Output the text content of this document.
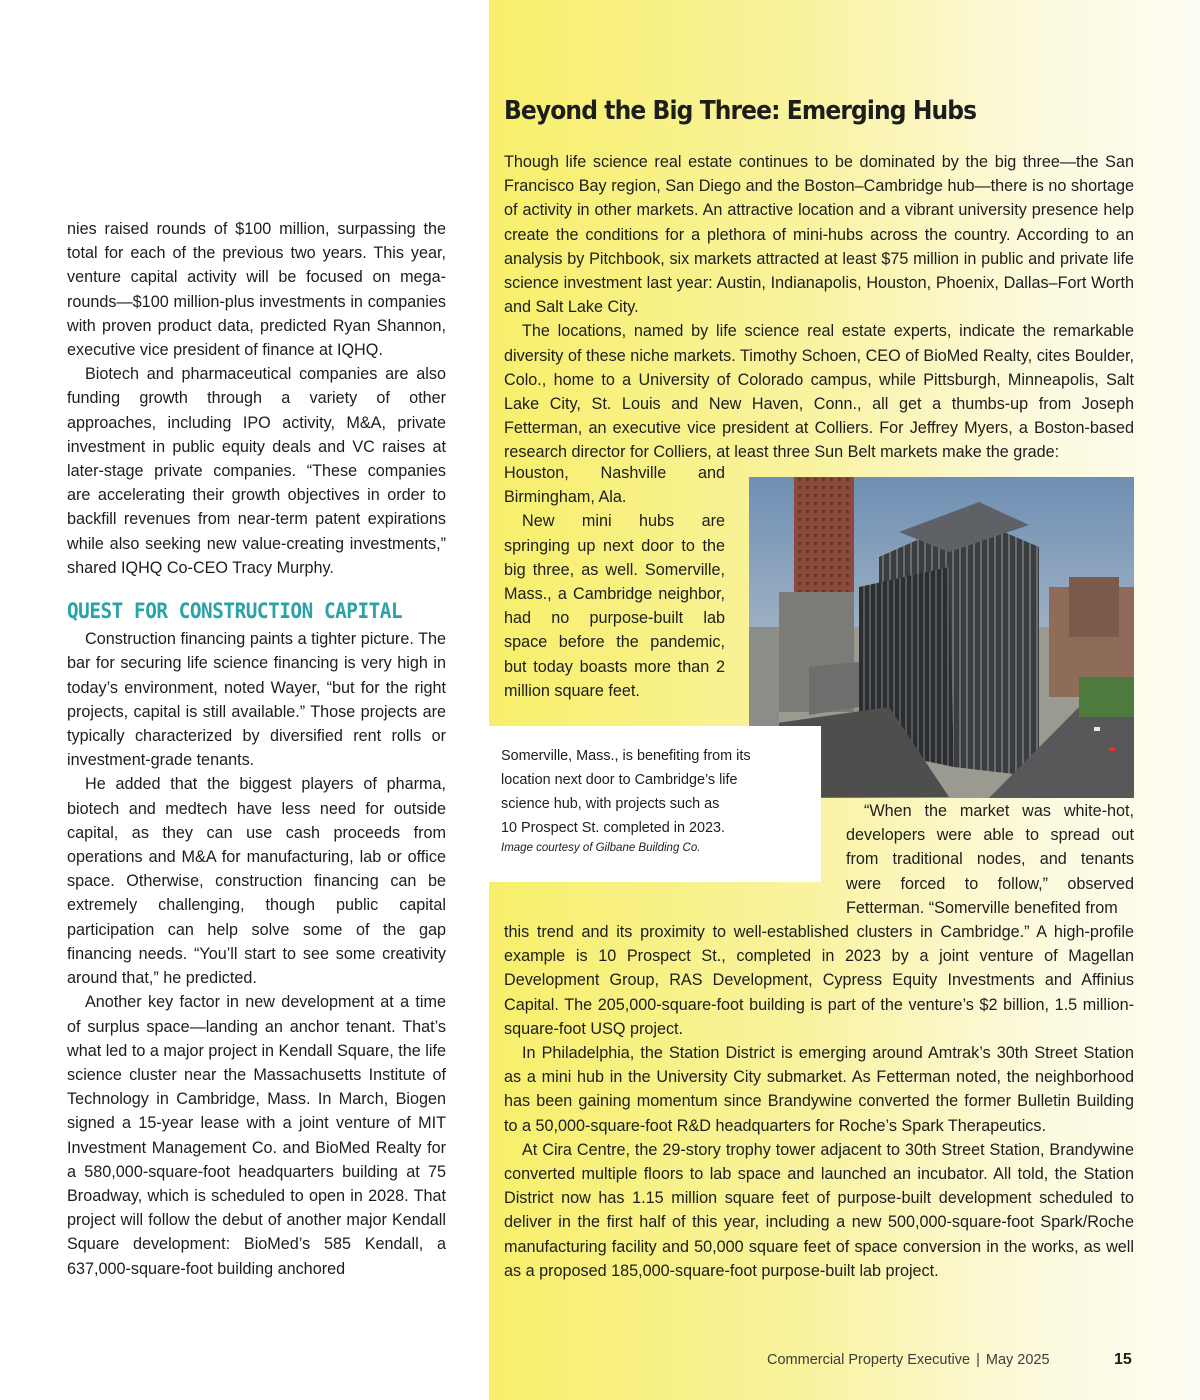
nies raised rounds of $100 million, surpassing the total for each of the previous two years. This year, venture capital activity will be focused on mega-rounds—$100 million-plus investments in companies with proven product data, predicted Ryan Shannon, executive vice president of finance at IQHQ.

Biotech and pharmaceutical companies are also funding growth through a variety of other approaches, including IPO activity, M&A, private investment in public equity deals and VC raises at later-stage private companies. “These companies are accelerating their growth objectives in order to backfill revenues from near-term patent expirations while also seeking new value-creating investments,” shared IQHQ Co-CEO Tracy Murphy.

QUEST FOR CONSTRUCTION CAPITAL

Construction financing paints a tighter picture. The bar for securing life science financing is very high in today’s environment, noted Wayer, “but for the right projects, capital is still available.” Those projects are typically characterized by diversified rent rolls or investment-grade tenants.

He added that the biggest players of pharma, biotech and medtech have less need for outside capital, as they can use cash proceeds from operations and M&A for manufacturing, lab or office space. Otherwise, construction financing can be extremely challenging, though public capital participation can help solve some of the gap financing needs. “You’ll start to see some creativity around that,” he predicted.

Another key factor in new development at a time of surplus space—landing an anchor tenant. That’s what led to a major project in Kendall Square, the life science cluster near the Massachusetts Institute of Technology in Cambridge, Mass. In March, Biogen signed a 15-year lease with a joint venture of MIT Investment Management Co. and BioMed Realty for a 580,000-square-foot headquarters building at 75 Broadway, which is scheduled to open in 2028. That project will follow the debut of another major Kendall Square development: BioMed’s 585 Kendall, a 637,000-square-foot building anchored

Beyond the Big Three: Emerging Hubs

Though life science real estate continues to be dominated by the big three—the San Francisco Bay region, San Diego and the Boston–Cambridge hub—there is no shortage of activity in other markets. An attractive location and a vibrant university presence help create the conditions for a plethora of mini-hubs across the country. According to an analysis by Pitchbook, six markets attracted at least $75 million in public and private life science investment last year: Austin, Indianapolis, Houston, Phoenix, Dallas–Fort Worth and Salt Lake City.

The locations, named by life science real estate experts, indicate the remarkable diversity of these niche markets. Timothy Schoen, CEO of BioMed Realty, cites Boulder, Colo., home to a University of Colorado campus, while Pittsburgh, Minneapolis, Salt Lake City, St. Louis and New Haven, Conn., all get a thumbs-up from Joseph Fetterman, an executive vice president at Colliers. For Jeffrey Myers, a Boston-based research director for Colliers, at least three Sun Belt markets make the grade:

Houston, Nashville and Birmingham, Ala.

New mini hubs are springing up next door to the big three, as well. Somerville, Mass., a Cambridge neighbor, had no purpose-built lab space before the pandemic, but today boasts more than 2 million square feet.

Somerville, Mass., is benefiting from its
location next door to Cambridge’s life
science hub, with projects such as
10 Prospect St. completed in 2023.
Image courtesy of Gilbane Building Co.

“When the market was white-hot, developers were able to spread out from traditional nodes, and tenants were forced to follow,” observed Fetterman. “Somerville benefited from

this trend and its proximity to well-established clusters in Cambridge.” A high-profile example is 10 Prospect St., completed in 2023 by a joint venture of Magellan Development Group, RAS Development, Cypress Equity Investments and Affinius Capital. The 205,000-square-foot building is part of the venture’s $2 billion, 1.5 million-square-foot USQ project.

In Philadelphia, the Station District is emerging around Amtrak’s 30th Street Station as a mini hub in the University City submarket. As Fetterman noted, the neighborhood has been gaining momentum since Brandywine converted the former Bulletin Building to a 50,000-square-foot R&D headquarters for Roche’s Spark Therapeutics.

At Cira Centre, the 29-story trophy tower adjacent to 30th Street Station, Brandywine converted multiple floors to lab space and launched an incubator. All told, the Station District now has 1.15 million square feet of purpose-built development scheduled to deliver in the first half of this year, including a new 500,000-square-foot Spark/Roche manufacturing facility and 50,000 square feet of space conversion in the works, as well as a proposed 185,000-square-foot purpose-built lab project.

Commercial Property Executive | May 2025	15
